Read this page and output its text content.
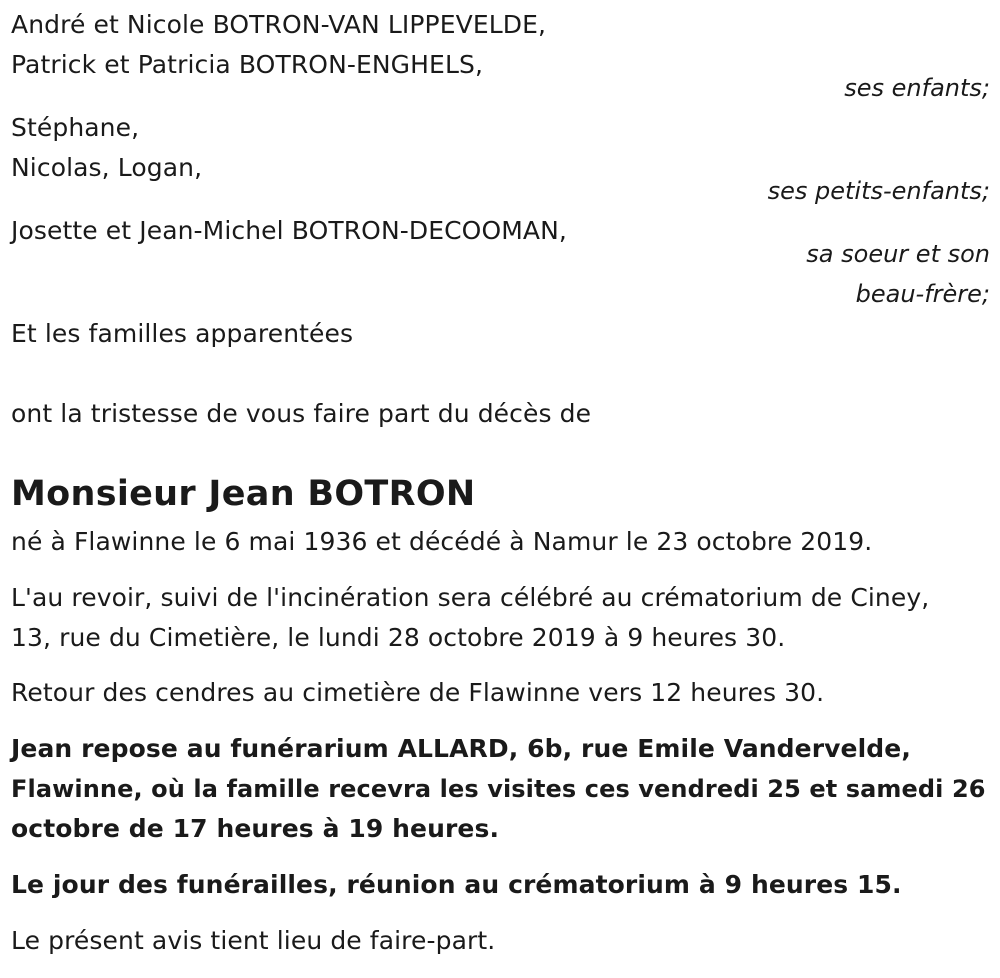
André et Nicole BOTRON-VAN LIPPEVELDE,
Patrick et Patricia BOTRON-ENGHELS,
ses enfants;
Stéphane,
Nicolas, Logan,
ses petits-enfants;
Josette et Jean-Michel BOTRON-DECOOMAN,
sa soeur et son
beau-frère;
Et les familles apparentées
ont la tristesse de vous faire part du décès de
Monsieur Jean BOTRON
né à Flawinne le 6 mai 1936 et décédé à Namur le 23 octobre 2019.
L'au revoir, suivi de l'incinération sera célébré au crématorium de Ciney,
13, rue du Cimetière, le lundi 28 octobre 2019 à 9 heures 30.
Retour des cendres au cimetière de Flawinne vers 12 heures 30.
Jean repose au funérarium ALLARD, 6b, rue Emile Vandervelde,
Flawinne, où la famille recevra les visites ces vendredi 25 et samedi 26
octobre de 17 heures à 19 heures.
Le jour des funérailles, réunion au crématorium à 9 heures 15.
Le présent avis tient lieu de faire-part.
